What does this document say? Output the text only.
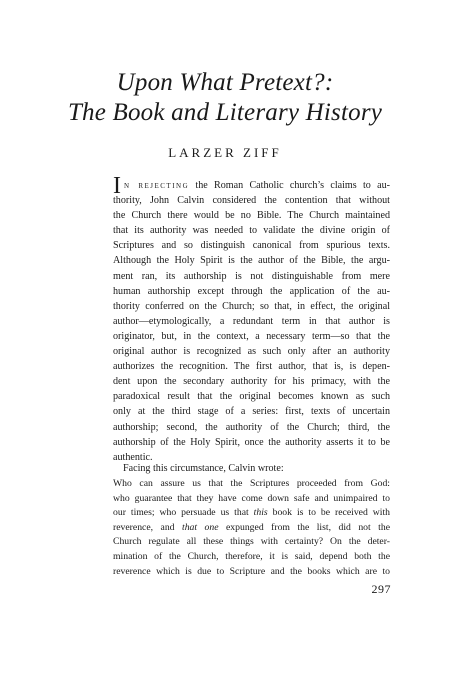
Upon What Pretext?:
The Book and Literary History
LARZER ZIFF
In rejecting the Roman Catholic church’s claims to au-
thority, John Calvin considered the contention that without
the Church there would be no Bible. The Church maintained
that its authority was needed to validate the divine origin of
Scriptures and so distinguish canonical from spurious texts.
Although the Holy Spirit is the author of the Bible, the argu-
ment ran, its authorship is not distinguishable from mere
human authorship except through the application of the au-
thority conferred on the Church; so that, in effect, the original
author—etymologically, a redundant term in that author is
originator, but, in the context, a necessary term—so that the
original author is recognized as such only after an authority
authorizes the recognition. The first author, that is, is depen-
dent upon the secondary authority for his primacy, with the
paradoxical result that the original becomes known as such
only at the third stage of a series: first, texts of uncertain
authorship; second, the authority of the Church; third, the
authorship of the Holy Spirit, once the authority asserts it to be
authentic.
Facing this circumstance, Calvin wrote:
Who can assure us that the Scriptures proceeded from God:
who guarantee that they have come down safe and unimpaired to
our times; who persuade us that this book is to be received with
reverence, and that one expunged from the list, did not the
Church regulate all these things with certainty? On the deter-
mination of the Church, therefore, it is said, depend both the
reverence which is due to Scripture and the books which are to
297
